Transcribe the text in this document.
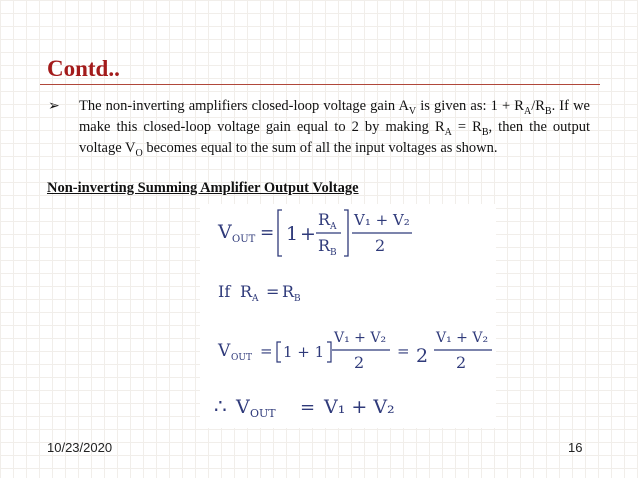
Contd..
➢ The non-inverting amplifiers closed-loop voltage gain $A_V$ is given as: $1 + R_A/R_B$. If we make this closed-loop voltage gain equal to 2 by making $R_A = R_B$, then the output voltage $V_O$ becomes equal to the sum of all the input voltages as shown.
Non-inverting Summing Amplifier Output Voltage
V OUT = 1 +
R A
R B
V₁ + V₂
2
If R A = R B
V OUT = 1 + 1
V₁ + V₂
2
= 2
V₁ + V₂
2
∴ V OUT = V₁ + V₂
10/23/2020	16
